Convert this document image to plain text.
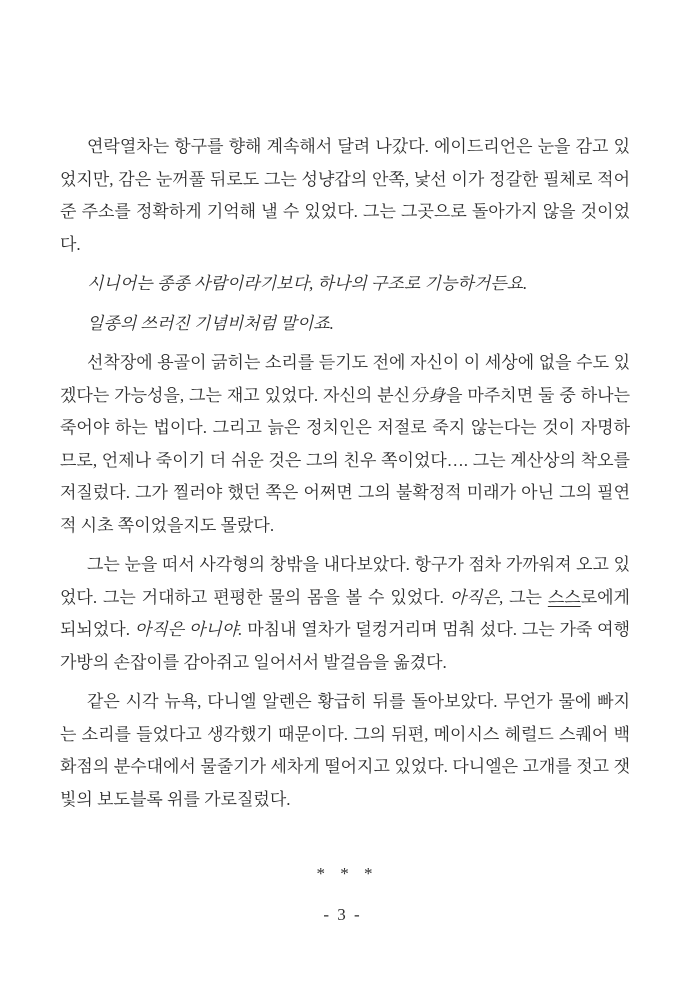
연락열차는 항구를 향해 계속해서 달려 나갔다. 에이드리언은 눈을 감고 있었지만, 감은 눈꺼풀 뒤로도 그는 성냥갑의 안쪽, 낯선 이가 정갈한 필체로 적어 준 주소를 정확하게 기억해 낼 수 있었다. 그는 그곳으로 돌아가지 않을 것이었다.

시니어는 종종 사람이라기보다, 하나의 구조로 기능하거든요.

일종의 쓰러진 기념비처럼 말이죠.

선착장에 용골이 긁히는 소리를 듣기도 전에 자신이 이 세상에 없을 수도 있겠다는 가능성을, 그는 재고 있었다. 자신의 분신分身을 마주치면 둘 중 하나는 죽어야 하는 법이다. 그리고 늙은 정치인은 저절로 죽지 않는다는 것이 자명하므로, 언제나 죽이기 더 쉬운 것은 그의 친우 쪽이었다…. 그는 계산상의 착오를 저질렀다. 그가 찔러야 했던 쪽은 어쩌면 그의 불확정적 미래가 아닌 그의 필연적 시초 쪽이었을지도 몰랐다.

그는 눈을 떠서 사각형의 창밖을 내다보았다. 항구가 점차 가까워져 오고 있었다. 그는 거대하고 편평한 물의 몸을 볼 수 있었다. 아직은, 그는 스스로에게 되뇌었다. 아직은 아니야. 마침내 열차가 덜컹거리며 멈춰 섰다. 그는 가죽 여행가방의 손잡이를 감아쥐고 일어서서 발걸음을 옮겼다.

같은 시각 뉴욕, 다니엘 알렌은 황급히 뒤를 돌아보았다. 무언가 물에 빠지는 소리를 들었다고 생각했기 때문이다. 그의 뒤편, 메이시스 헤럴드 스퀘어 백화점의 분수대에서 물줄기가 세차게 떨어지고 있었다. 다니엘은 고개를 젓고 잿빛의 보도블록 위를 가로질렀다.

* * *
- 3 -
